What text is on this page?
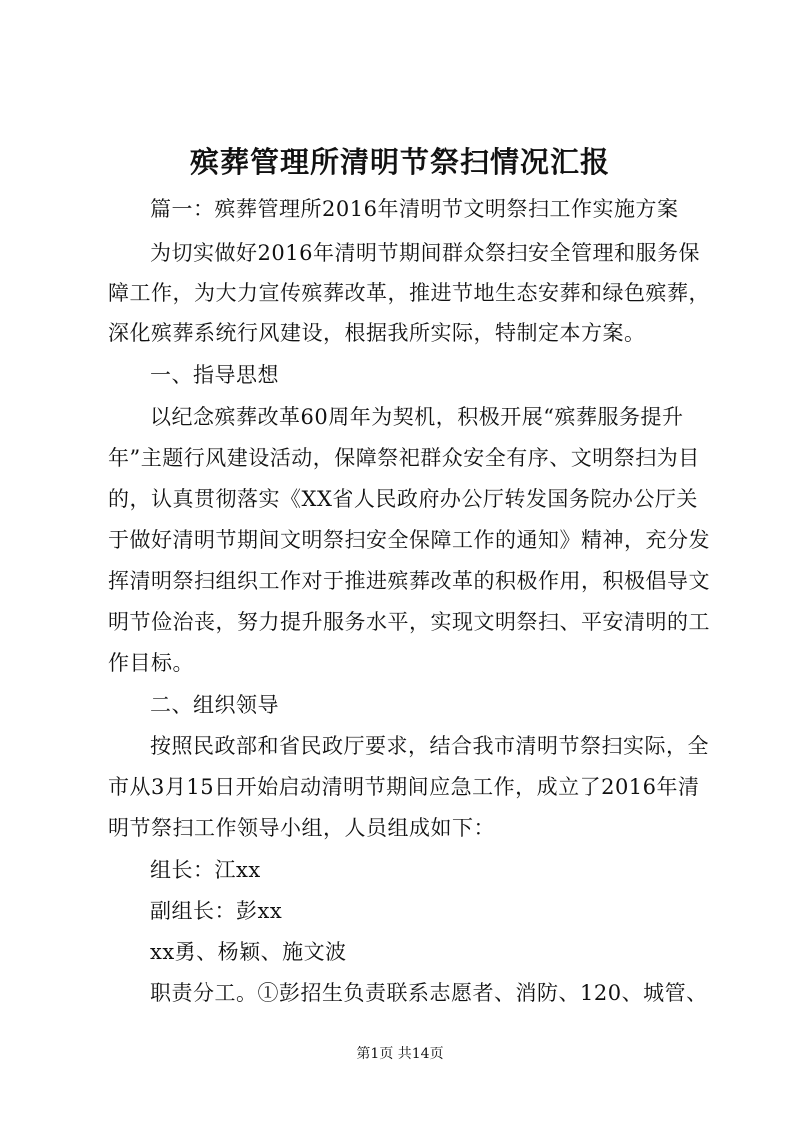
殡葬管理所清明节祭扫情况汇报
篇一：殡葬管理所2016年清明节文明祭扫工作实施方案
为切实做好2016年清明节期间群众祭扫安全管理和服务保
障工作，为大力宣传殡葬改革，推进节地生态安葬和绿色殡葬，
深化殡葬系统行风建设，根据我所实际，特制定本方案。
一、指导思想
以纪念殡葬改革60周年为契机，积极开展“殡葬服务提升
年”主题行风建设活动，保障祭祀群众安全有序、文明祭扫为目
的，认真贯彻落实《XX省人民政府办公厅转发国务院办公厅关
于做好清明节期间文明祭扫安全保障工作的通知》精神，充分发
挥清明祭扫组织工作对于推进殡葬改革的积极作用，积极倡导文
明节俭治丧，努力提升服务水平，实现文明祭扫、平安清明的工
作目标。
二、组织领导
按照民政部和省民政厅要求，结合我市清明节祭扫实际，全
市从3月15日开始启动清明节期间应急工作，成立了2016年清
明节祭扫工作领导小组，人员组成如下：
组长：江xx
副组长：彭xx
xx勇、杨颖、施文波
职责分工。①彭招生负责联系志愿者、消防、120、城管、
第1页 共14页
